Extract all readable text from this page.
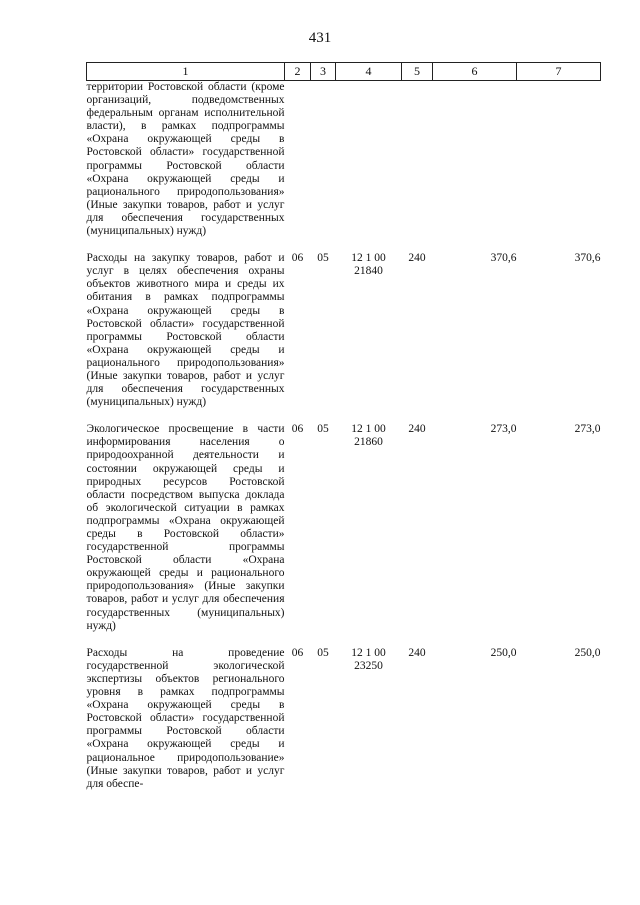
431
1	2	3	4	5	6	7
территории Ростовской области (кроме организаций, подведомственных федеральным органам исполнительной власти), в рамках подпрограммы «Охрана окружающей среды в Ростовской области» государственной программы Ростовской области «Охрана окружающей среды и рационального природопользования» (Иные закупки товаров, работ и услуг для обеспечения государственных (муниципальных) нужд)						

Расходы на закупку товаров, работ и услуг в целях обеспечения охраны объектов животного мира и среды их обитания в рамках подпрограммы «Охрана окружающей среды в Ростовской области» государственной программы Ростовской области «Охрана окружающей среды и рационального природопользования» (Иные закупки товаров, работ и услуг для обеспечения государственных (муниципальных) нужд)	06	05	12 1 00 21840	240	370,6	370,6

Экологическое просвещение в части информирования населения о природоохранной деятельности и состоянии окружающей среды и природных ресурсов Ростовской области посредством выпуска доклада об экологической ситуации в рамках подпрограммы «Охрана окружающей среды в Ростовской области» государственной программы Ростовской области «Охрана окружающей среды и рационального природопользования» (Иные закупки товаров, работ и услуг для обеспечения государственных (муниципальных) нужд)	06	05	12 1 00 21860	240	273,0	273,0

Расходы на проведение государственной экологической экспертизы объектов регионального уровня в рамках подпрограммы «Охрана окружающей среды в Ростовской области» государственной программы Ростовской области «Охрана окружающей среды и рациональное природопользование» (Иные закупки товаров, работ и услуг для обеспе-	06	05	12 1 00 23250	240	250,0	250,0
